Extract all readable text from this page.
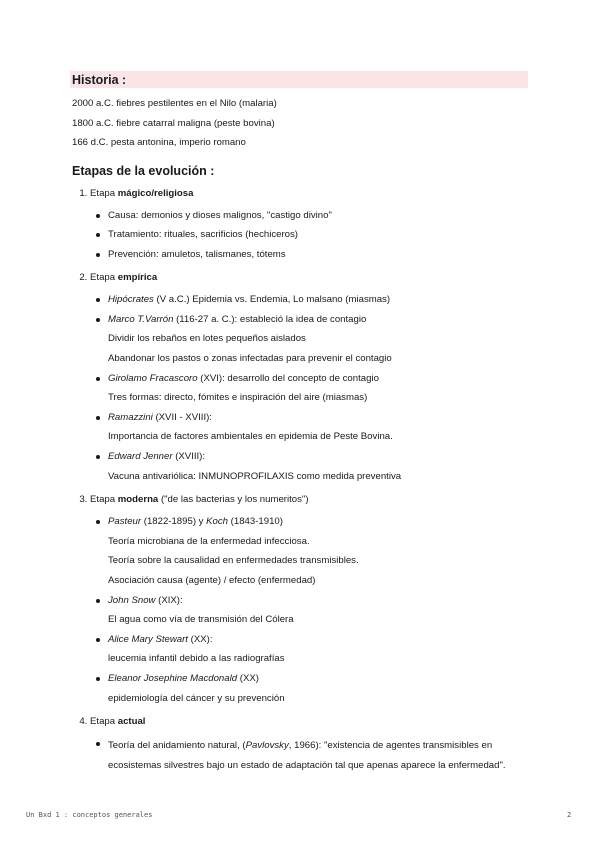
Historia :
2000 a.C. fiebres pestilentes en el Nilo (malaria)
1800 a.C. fiebre catarral maligna (peste bovina)
166 d.C. pesta antonina, imperio romano
Etapas de la evolución :
1. Etapa mágico/religiosa
Causa: demonios y dioses malignos, "castigo divino"
Tratamiento: rituales, sacrificios (hechiceros)
Prevención: amuletos, talismanes, tótems
2. Etapa empírica
Hipócrates (V a.C.) Epidemia vs. Endemia, Lo malsano (miasmas)
Marco T.Varrón (116-27 a. C.): estableció la idea de contagio
Dividir los rebaños en lotes pequeños aislados
Abandonar los pastos o zonas infectadas para prevenir el contagio
Girolamo Fracascoro (XVI): desarrollo del concepto de contagio
Tres formas: directo, fómites e inspiración del aire (miasmas)
Ramazzini (XVII - XVIII):
Importancia de factores ambientales en epidemia de Peste Bovina.
Edward Jenner (XVIII):
Vacuna antivariólica: INMUNOPROFILAXIS como medida preventiva
3. Etapa moderna ("de las bacterias y los numeritos")
Pasteur (1822-1895) y Koch (1843-1910)
Teoría microbiana de la enfermedad infecciosa.
Teoría sobre la causalidad en enfermedades transmisibles.
Asociación causa (agente) / efecto (enfermedad)
John Snow (XIX):
El agua como vía de transmisión del Cólera
Alice Mary Stewart (XX):
leucemia infantil debido a las radiografías
Eleanor Josephine Macdonald (XX)
epidemiología del cáncer y su prevención
4. Etapa actual
Teoría del anidamiento natural, (Pavlovsky, 1966): "existencia de agentes transmisibles en ecosistemas silvestres bajo un estado de adaptación tal que apenas aparece la enfermedad".
Un Bxd 1 : conceptos generales	2
